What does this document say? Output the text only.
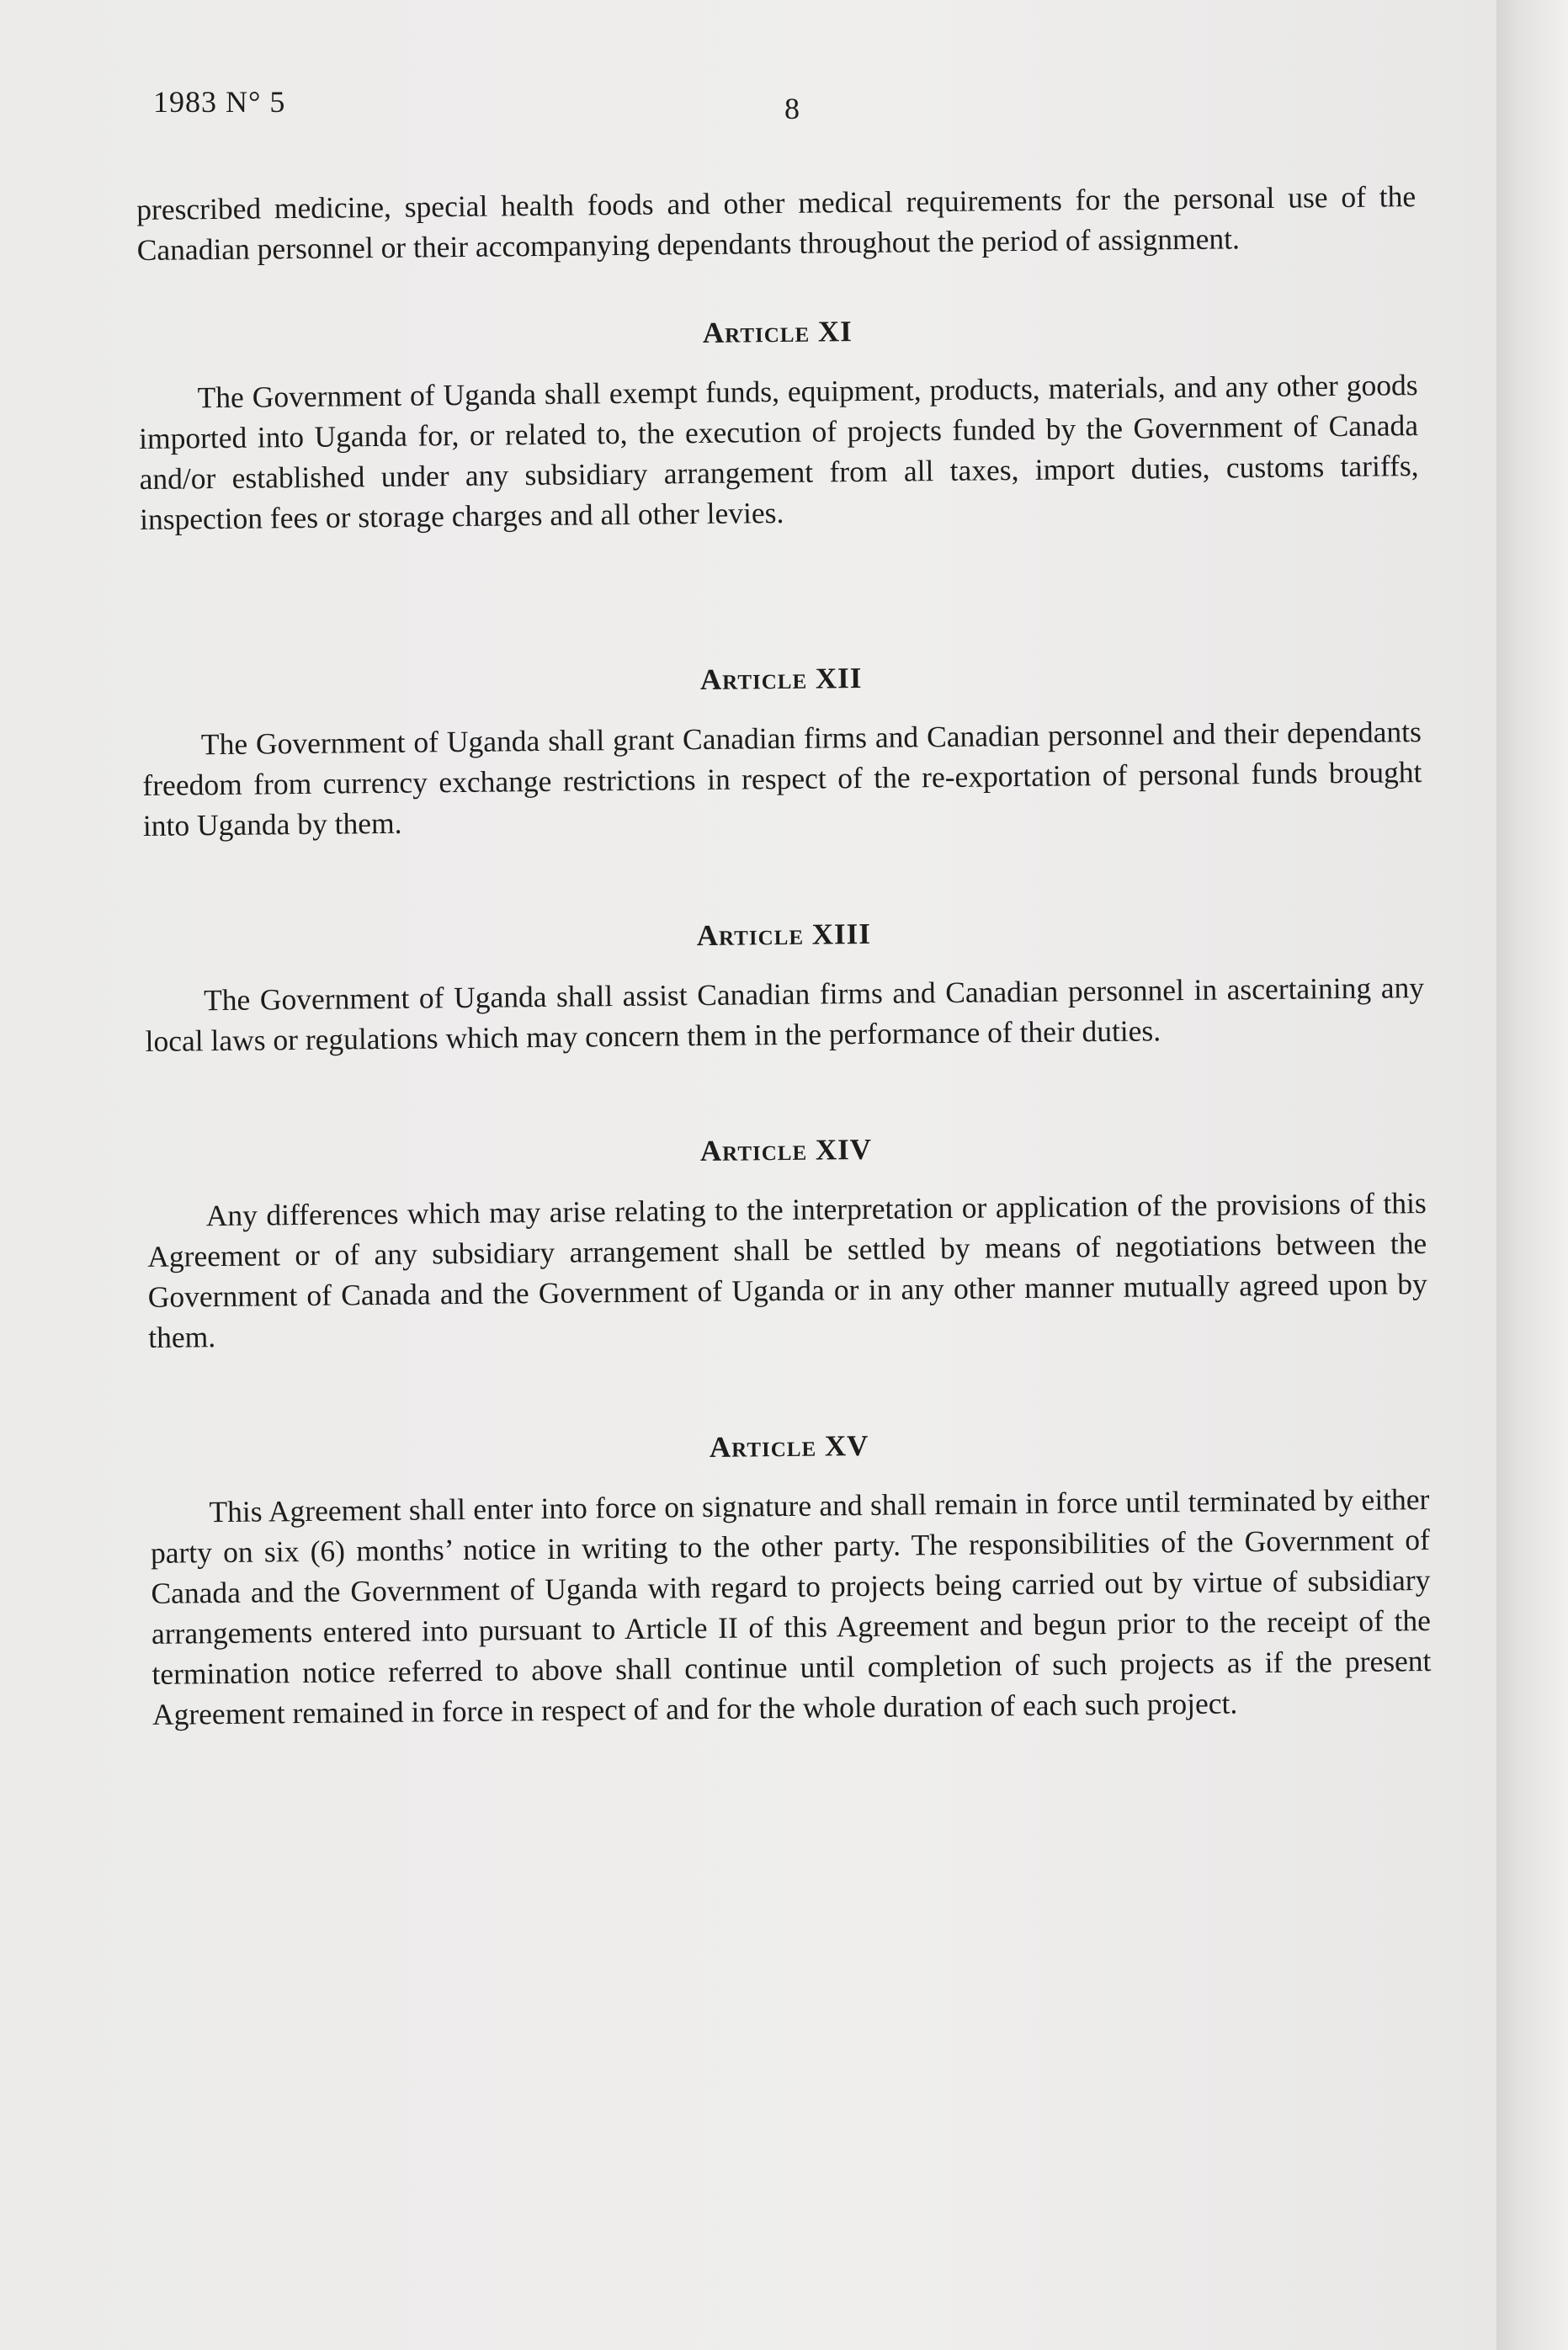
1983 N° 5	8

prescribed medicine, special health foods and other medical requirements for the personal use of the Canadian personnel or their accompanying dependants throughout the period of assignment.

Article XI

The Government of Uganda shall exempt funds, equipment, products, materials, and any other goods imported into Uganda for, or related to, the execution of projects funded by the Government of Canada and/or established under any subsidiary arrangement from all taxes, import duties, customs tariffs, inspection fees or storage charges and all other levies.

Article XII

The Government of Uganda shall grant Canadian firms and Canadian personnel and their dependants freedom from currency exchange restrictions in respect of the re-exportation of personal funds brought into Uganda by them.

Article XIII

The Government of Uganda shall assist Canadian firms and Canadian personnel in ascertaining any local laws or regulations which may concern them in the performance of their duties.

Article XIV

Any differences which may arise relating to the interpretation or application of the provisions of this Agreement or of any subsidiary arrangement shall be settled by means of negotiations between the Government of Canada and the Government of Uganda or in any other manner mutually agreed upon by them.

Article XV

This Agreement shall enter into force on signature and shall remain in force until terminated by either party on six (6) months’ notice in writing to the other party. The responsibilities of the Government of Canada and the Government of Uganda with regard to projects being carried out by virtue of subsidiary arrangements entered into pursuant to Article II of this Agreement and begun prior to the receipt of the termination notice referred to above shall continue until completion of such projects as if the present Agreement remained in force in respect of and for the whole duration of each such project.
